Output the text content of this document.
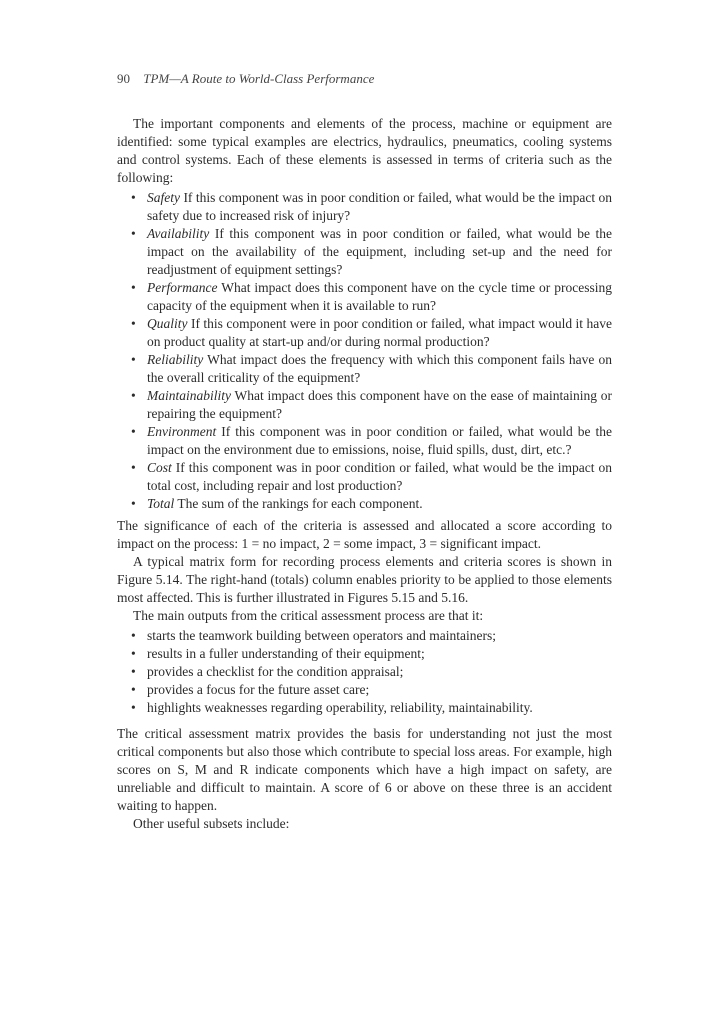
90 TPM—A Route to World-Class Performance

The important components and elements of the process, machine or equipment are identified: some typical examples are electrics, hydraulics, pneumatics, cooling systems and control systems. Each of these elements is assessed in terms of criteria such as the following:

• Safety If this component was in poor condition or failed, what would be the impact on safety due to increased risk of injury?
• Availability If this component was in poor condition or failed, what would be the impact on the availability of the equipment, including set-up and the need for readjustment of equipment settings?
• Performance What impact does this component have on the cycle time or processing capacity of the equipment when it is available to run?
• Quality If this component were in poor condition or failed, what impact would it have on product quality at start-up and/or during normal production?
• Reliability What impact does the frequency with which this component fails have on the overall criticality of the equipment?
• Maintainability What impact does this component have on the ease of maintaining or repairing the equipment?
• Environment If this component was in poor condition or failed, what would be the impact on the environment due to emissions, noise, fluid spills, dust, dirt, etc.?
• Cost If this component was in poor condition or failed, what would be the impact on total cost, including repair and lost production?
• Total The sum of the rankings for each component.

The significance of each of the criteria is assessed and allocated a score according to impact on the process: 1 = no impact, 2 = some impact, 3 = significant impact.

A typical matrix form for recording process elements and criteria scores is shown in Figure 5.14. The right-hand (totals) column enables priority to be applied to those elements most affected. This is further illustrated in Figures 5.15 and 5.16.

The main outputs from the critical assessment process are that it:

• starts the teamwork building between operators and maintainers;
• results in a fuller understanding of their equipment;
• provides a checklist for the condition appraisal;
• provides a focus for the future asset care;
• highlights weaknesses regarding operability, reliability, maintainability.

The critical assessment matrix provides the basis for understanding not just the most critical components but also those which contribute to special loss areas. For example, high scores on S, M and R indicate components which have a high impact on safety, are unreliable and difficult to maintain. A score of 6 or above on these three is an accident waiting to happen.

Other useful subsets include:
